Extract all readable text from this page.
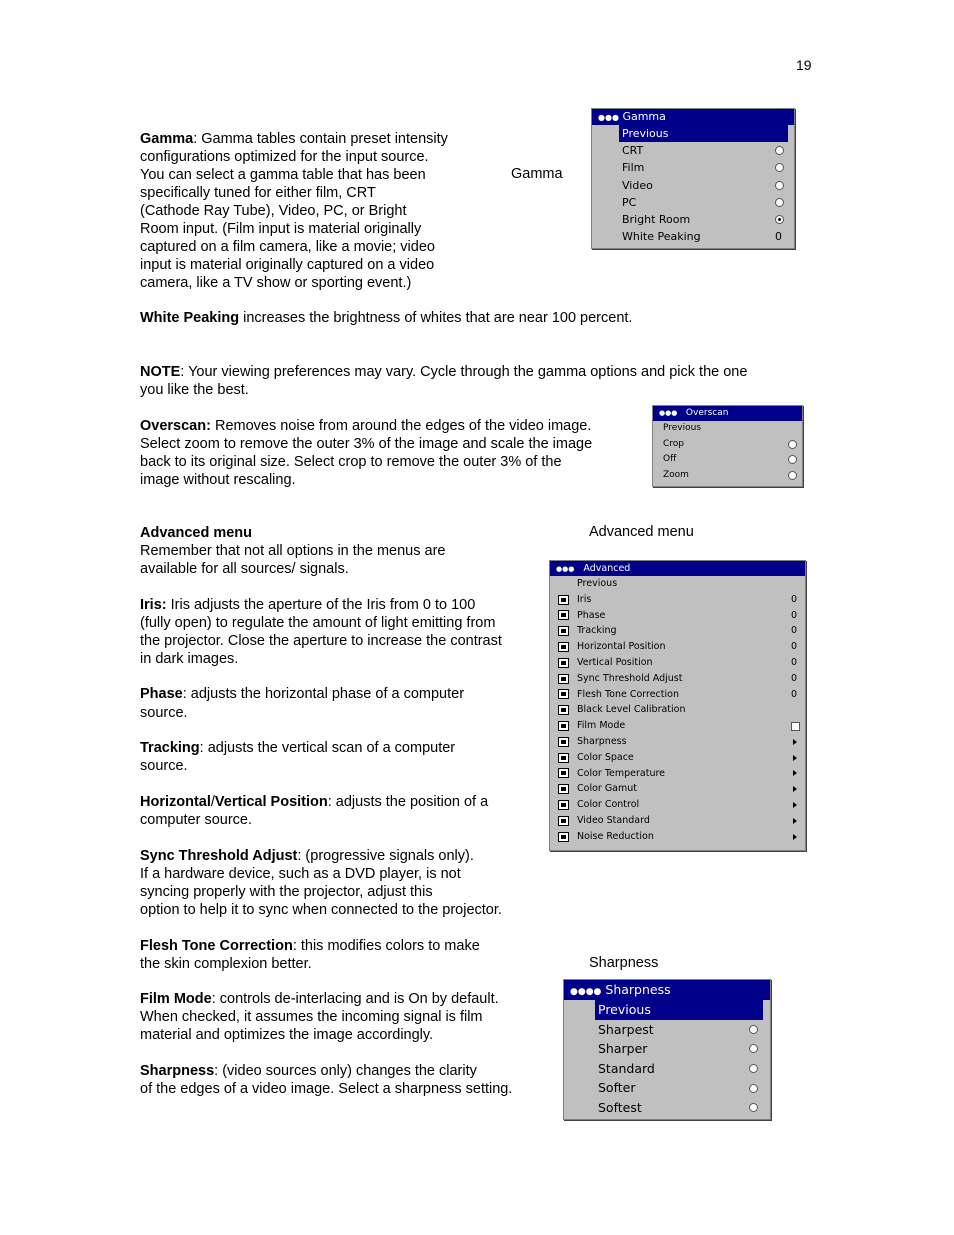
19
Gamma: Gamma tables contain preset intensity
configurations optimized for the input source.
You can select a gamma table that has been
specifically tuned for either film, CRT
(Cathode Ray Tube), Video, PC, or Bright
Room input. (Film input is material originally
captured on a film camera, like a movie; video
input is material originally captured on a video
camera, like a TV show or sporting event.)
Gamma
●●● Gamma
Previous
CRT
Film
Video
PC
Bright Room
White Peaking	0
White Peaking increases the brightness of whites that are near 100 percent.
NOTE: Your viewing preferences may vary. Cycle through the gamma options and pick the one
you like the best.
Overscan: Removes noise from around the edges of the video image.
Select zoom to remove the outer 3% of the image and scale the image
back to its original size. Select crop to remove the outer 3% of the
image without rescaling.
●●● Overscan
Previous
Crop
Off
Zoom
Advanced menu
Remember that not all options in the menus are
available for all sources/ signals.
Advanced menu
Iris: Iris adjusts the aperture of the Iris from 0 to 100
(fully open) to regulate the amount of light emitting from
the projector. Close the aperture to increase the contrast
in dark images.
Phase: adjusts the horizontal phase of a computer
source.
Tracking: adjusts the vertical scan of a computer
source.
Horizontal/Vertical Position: adjusts the position of a
computer source.
Sync Threshold Adjust: (progressive signals only).
If a hardware device, such as a DVD player, is not
syncing properly with the projector, adjust this
option to help it to sync when connected to the projector.
Flesh Tone Correction: this modifies colors to make
the skin complexion better.	Sharpness
Film Mode: controls de-interlacing and is On by default.
When checked, it assumes the incoming signal is film
material and optimizes the image accordingly.
Sharpness: (video sources only) changes the clarity
of the edges of a video image. Select a sharpness setting.
●●● Advanced
Previous
Iris	0
Phase	0
Tracking	0
Horizontal Position	0
Vertical Position	0
Sync Threshold Adjust	0
Flesh Tone Correction	0
Black Level Calibration
Film Mode
Sharpness
Color Space
Color Temperature
Color Gamut
Color Control
Video Standard
Noise Reduction
●●●● Sharpness
Previous
Sharpest
Sharper
Standard
Softer
Softest
